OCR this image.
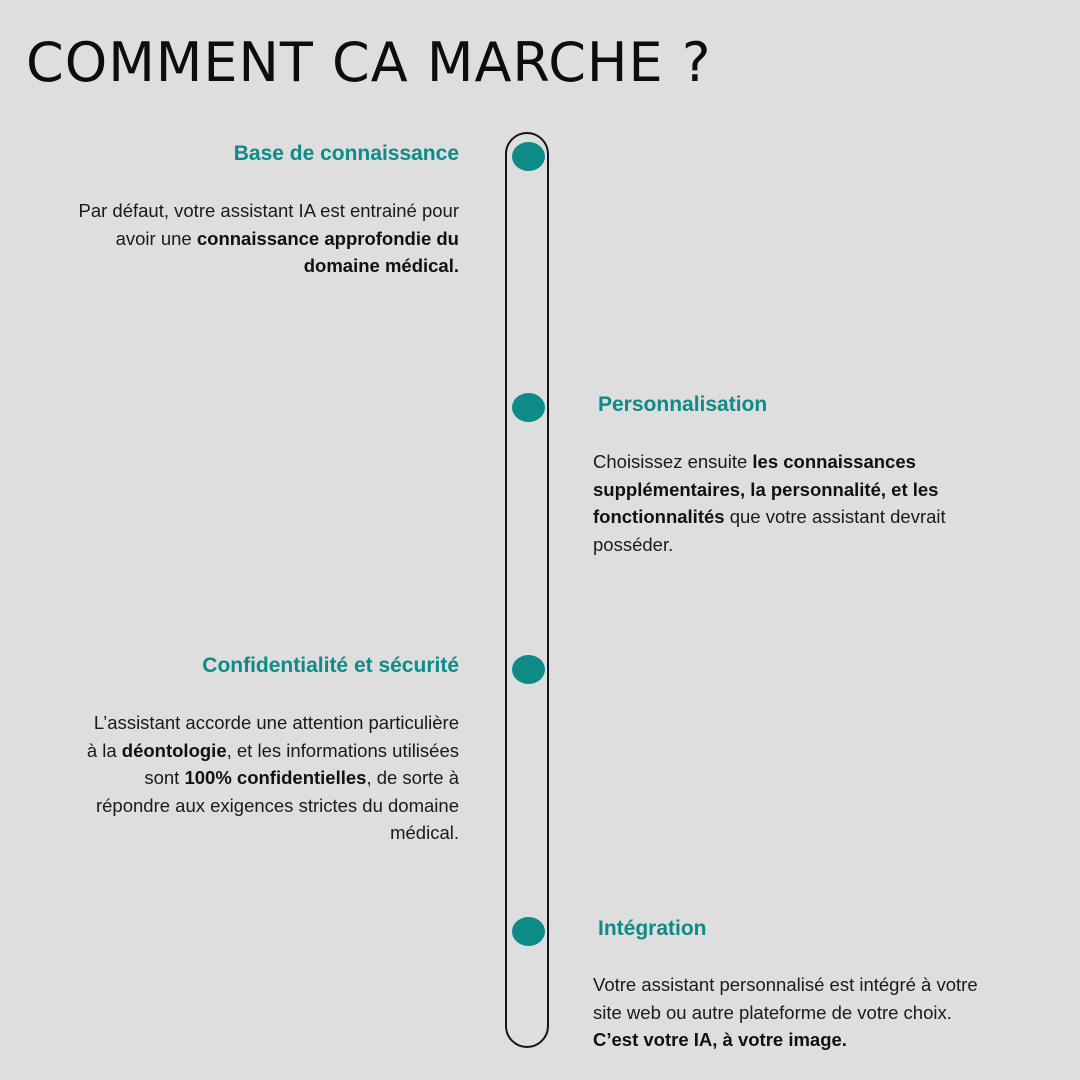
COMMENT CA MARCHE ?
Base de connaissance

Par défaut, votre assistant IA est entrainé pour avoir une connaissance approfondie du domaine médical.

Personnalisation

Choisissez ensuite les connaissances supplémentaires, la personnalité, et les fonctionnalités que votre assistant devrait posséder.

Confidentialité et sécurité

L’assistant accorde une attention particulière à la déontologie, et les informations utilisées sont 100% confidentielles, de sorte à répondre aux exigences strictes du domaine médical.

Intégration

Votre assistant personnalisé est intégré à votre site web ou autre plateforme de votre choix. C’est votre IA, à votre image.
